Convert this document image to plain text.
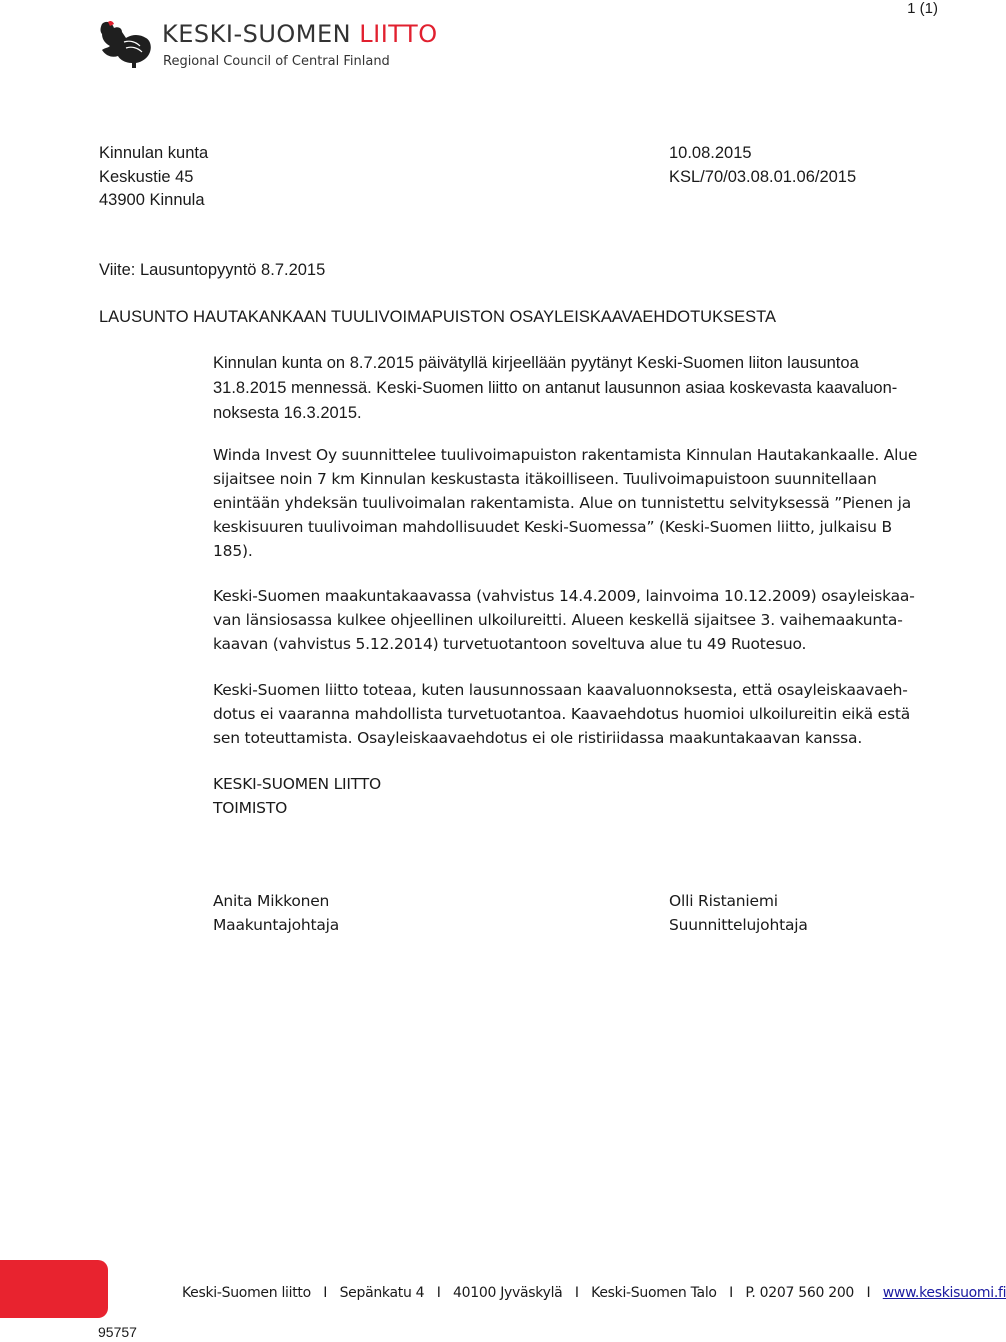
1 (1)
KESKI-SUOMEN LIITTO
Regional Council of Central Finland
Kinnulan kunta
Keskustie 45
43900 Kinnula
10.08.2015
KSL/70/03.08.01.06/2015
Viite: Lausuntopyyntö 8.7.2015
LAUSUNTO HAUTAKANKAAN TUULIVOIMAPUISTON OSAYLEISKAAVAEHDOTUKSESTA
Kinnulan kunta on 8.7.2015 päivätyllä kirjeellään pyytänyt Keski-Suomen liiton lausuntoa
31.8.2015 mennessä. Keski-Suomen liitto on antanut lausunnon asiaa koskevasta kaavaluon-
noksesta 16.3.2015.
Winda Invest Oy suunnittelee tuulivoimapuiston rakentamista Kinnulan Hautakankaalle. Alue
sijaitsee noin 7 km Kinnulan keskustasta itäkoilliseen. Tuulivoimapuistoon suunnitellaan
enintään yhdeksän tuulivoimalan rakentamista. Alue on tunnistettu selvityksessä ”Pienen ja
keskisuuren tuulivoiman mahdollisuudet Keski-Suomessa” (Keski-Suomen liitto, julkaisu B
185).
Keski-Suomen maakuntakaavassa (vahvistus 14.4.2009, lainvoima 10.12.2009) osayleiskaa-
van länsiosassa kulkee ohjeellinen ulkoilureitti. Alueen keskellä sijaitsee 3. vaihemaakunta-
kaavan (vahvistus 5.12.2014) turvetuotantoon soveltuva alue tu 49 Ruotesuo.
Keski-Suomen liitto toteaa, kuten lausunnossaan kaavaluonnoksesta, että osayleiskaavaeh-
dotus ei vaaranna mahdollista turvetuotantoa. Kaavaehdotus huomioi ulkoilureitin eikä estä
sen toteuttamista. Osayleiskaavaehdotus ei ole ristiriidassa maakuntakaavan kanssa.
KESKI-SUOMEN LIITTO
TOIMISTO
Anita Mikkonen
Maakuntajohtaja
Olli Ristaniemi
Suunnittelujohtaja
Keski-Suomen liitto   I   Sepänkatu 4   I   40100 Jyväskylä   I   Keski-Suomen Talo   I   P. 0207 560 200   I   www.keskisuomi.fi
95757
